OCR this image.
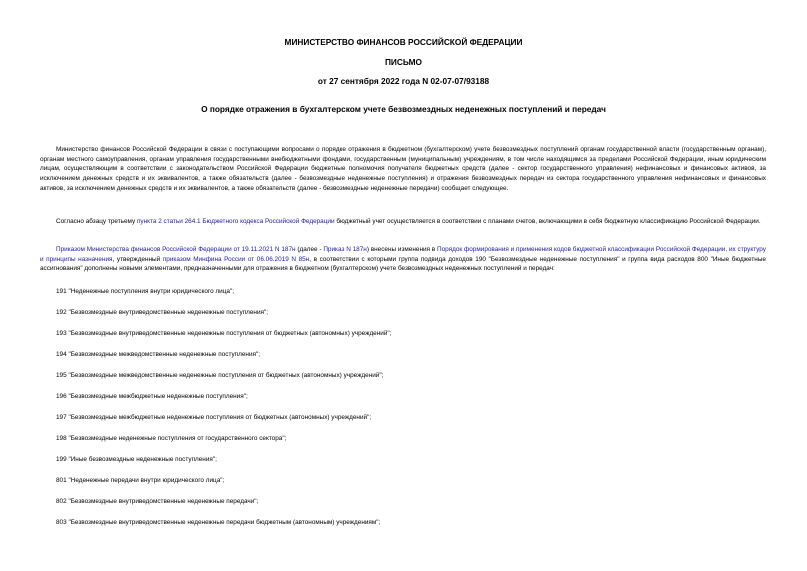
МИНИСТЕРСТВО ФИНАНСОВ РОССИЙСКОЙ ФЕДЕРАЦИИ
ПИСЬМО
от 27 сентября 2022 года N 02-07-07/93188
О порядке отражения в бухгалтерском учете безвозмездных неденежных поступлений и передач
Министерство финансов Российской Федерации в связи с поступающими вопросами о порядке отражения в бюджетном (бухгалтерском) учете безвозмездных поступлений органам государственной власти (государственным органам), органам местного самоуправления, органам управления государственными внебюджетными фондами, государственным (муниципальным) учреждениям, в том числе находящимся за пределами Российской Федерации, иным юридическим лицам, осуществляющим в соответствии с законодательством Российской Федерации бюджетные полномочия получателя бюджетных средств (далее - сектор государственного управления) нефинансовых и финансовых активов, за исключением денежных средств и их эквивалентов, а также обязательств (далее - безвозмездные неденежные поступления) и отражения безвозмездных передач из сектора государственного управления нефинансовых и финансовых активов, за исключением денежных средств и их эквивалентов, а также обязательств (далее - безвозмездные неденежные передачи) сообщает следующее.
Согласно абзацу третьему пункта 2 статьи 264.1 Бюджетного кодекса Российской Федерации бюджетный учет осуществляется в соответствии с планами счетов, включающими в себя бюджетную классификацию Российской Федерации.
Приказом Министерства финансов Российской Федерации от 19.11.2021 N 187н (далее - Приказ N 187н) внесены изменения в Порядок формирования и применения кодов бюджетной классификации Российской Федерации, их структуру и принципы назначения, утвержденный приказом Минфина России от 06.06.2019 N 85н, в соответствии с которыми группа подвида доходов 190 "Безвозмездные неденежные поступления" и группа вида расходов 800 "Иные бюджетные ассигнования" дополнены новыми элементами, предназначенными для отражения в бюджетном (бухгалтерском) учете безвозмездных неденежных поступлений и передач:
191 "Неденежные поступления внутри юридического лица";
192 "Безвозмездные внутриведомственные неденежные поступления";
193 "Безвозмездные внутриведомственные неденежные поступления от бюджетных (автономных) учреждений";
194 "Безвозмездные межведомственные неденежные поступления";
195 "Безвозмездные межведомственные неденежные поступления от бюджетных (автономных) учреждений";
196 "Безвозмездные межбюджетные неденежные поступления";
197 "Безвозмездные межбюджетные неденежные поступления от бюджетных (автономных) учреждений";
198 "Безвозмездные неденежные поступления от государственного сектора";
199 "Иные безвозмездные неденежные поступления";
801 "Неденежные передачи внутри юридического лица";
802 "Безвозмездные внутриведомственные неденежные передачи";
803 "Безвозмездные внутриведомственные неденежные передачи бюджетным (автономным) учреждениям";
